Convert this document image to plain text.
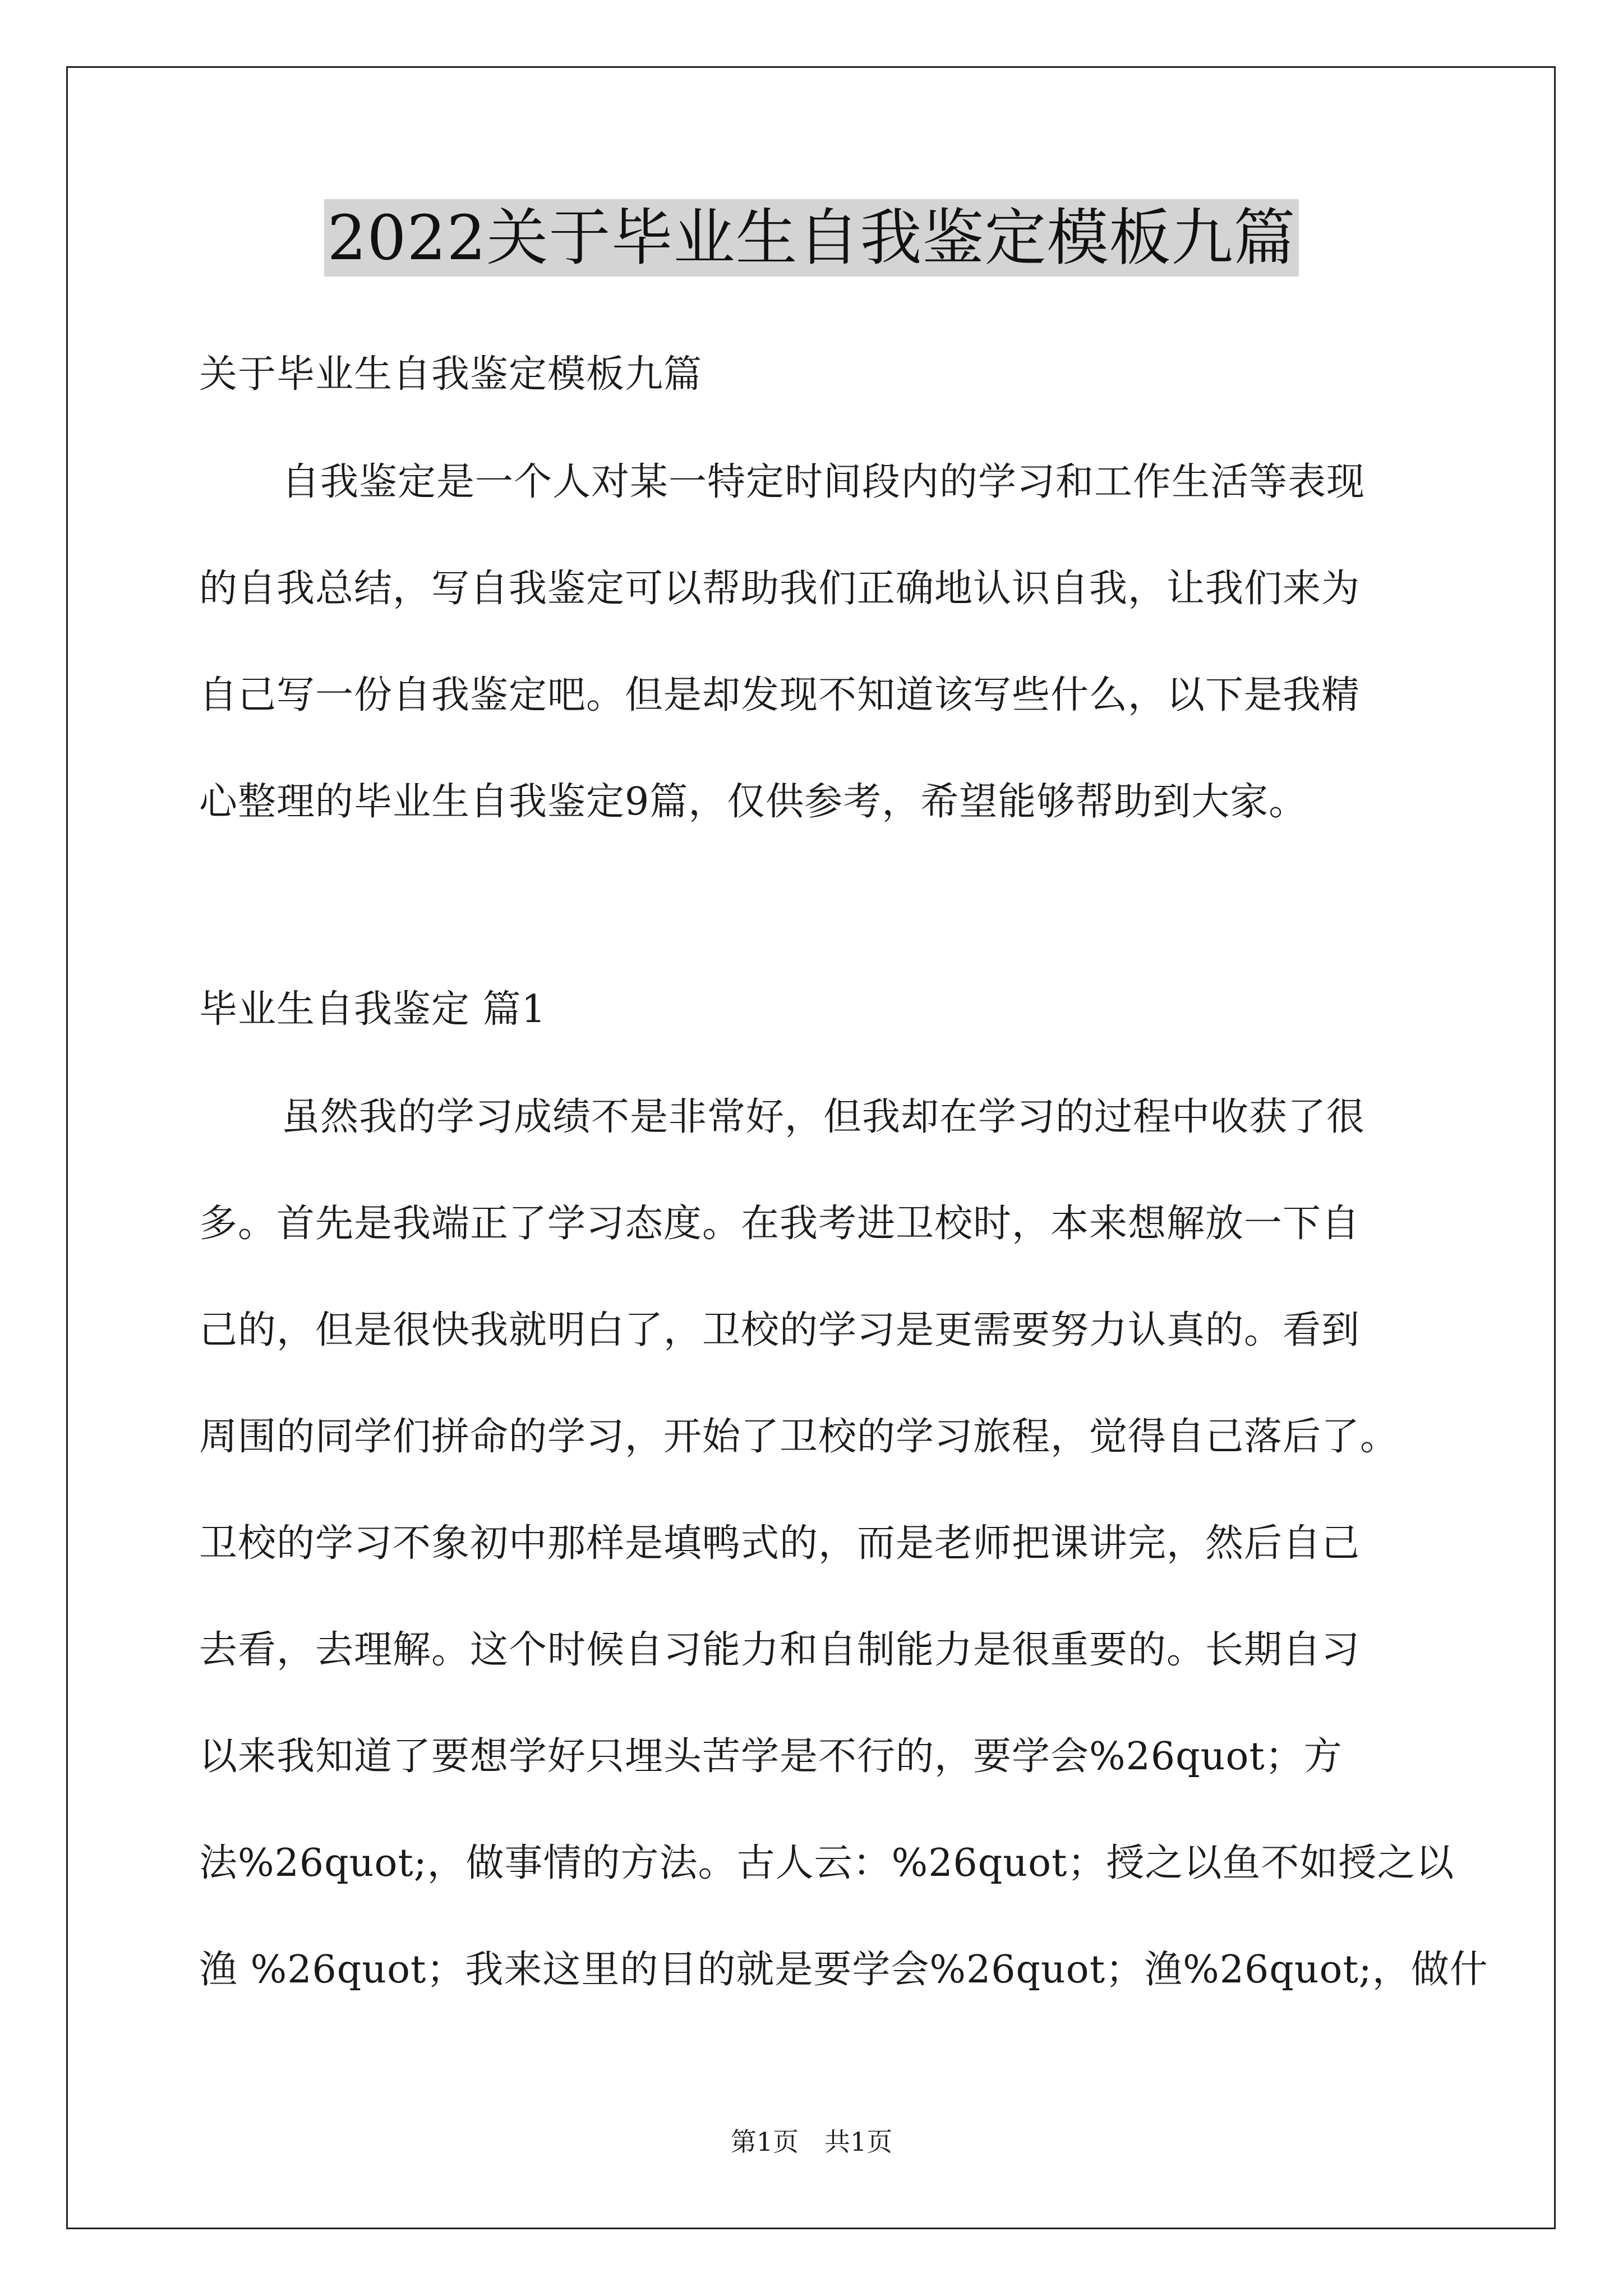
2022关于毕业生自我鉴定模板九篇
关于毕业生自我鉴定模板九篇
自我鉴定是一个人对某一特定时间段内的学习和工作生活等表现
的自我总结，写自我鉴定可以帮助我们正确地认识自我，让我们来为
自己写一份自我鉴定吧。但是却发现不知道该写些什么，以下是我精
心整理的毕业生自我鉴定9篇，仅供参考，希望能够帮助到大家。
毕业生自我鉴定 篇1
虽然我的学习成绩不是非常好，但我却在学习的过程中收获了很
多。首先是我端正了学习态度。在我考进卫校时，本来想解放一下自
己的，但是很快我就明白了，卫校的学习是更需要努力认真的。看到
周围的同学们拼命的学习，开始了卫校的学习旅程，觉得自己落后了。
卫校的学习不象初中那样是填鸭式的，而是老师把课讲完，然后自己
去看，去理解。这个时候自习能力和自制能力是很重要的。长期自习
以来我知道了要想学好只埋头苦学是不行的，要学会%26quot；方
法%26quot;，做事情的方法。古人云：%26quot；授之以鱼不如授之以
渔 %26quot；我来这里的目的就是要学会%26quot；渔%26quot;，做什
第1页　共1页
